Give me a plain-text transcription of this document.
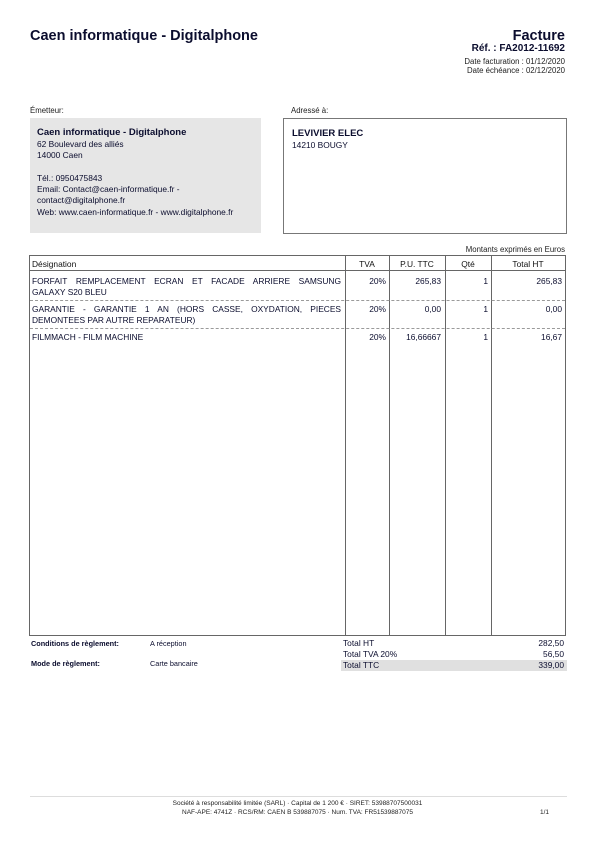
Caen informatique - Digitalphone	Facture
Réf. : FA2012-11692
Date facturation : 01/12/2020
Date échéance : 02/12/2020
Émetteur:
Caen informatique - Digitalphone
62 Boulevard des alliés
14000 Caen
Tél.: 0950475843
Email: Contact@caen-informatique.fr -
contact@digitalphone.fr
Web: www.caen-informatique.fr - www.digitalphone.fr
Adressé à:
LEVIVIER ELEC
14210 BOUGY
Montants exprimés en Euros
Désignation	TVA	P.U. TTC	Qté	Total HT
FORFAIT REMPLACEMENT ECRAN ET FACADE ARRIERE SAMSUNG
GALAXY S20 BLEU
20%	265,83	1	265,83
GARANTIE - GARANTIE 1 AN (HORS CASSE, OXYDATION, PIECES
DEMONTEES PAR AUTRE REPARATEUR)
20%	0,00	1	0,00
FILMMACH - FILM MACHINE	20%	16,66667	1	16,67
Conditions de règlement:	A réception
Mode de règlement:	Carte bancaire
Total HT	282,50
Total TVA 20%	56,50
Total TTC	339,00
Société à responsabilité limitée (SARL) · Capital de 1 200 € · SIRET: 53988707500031
NAF-APE: 4741Z · RCS/RM: CAEN B 539887075 · Num. TVA: FR51539887075	1/1
